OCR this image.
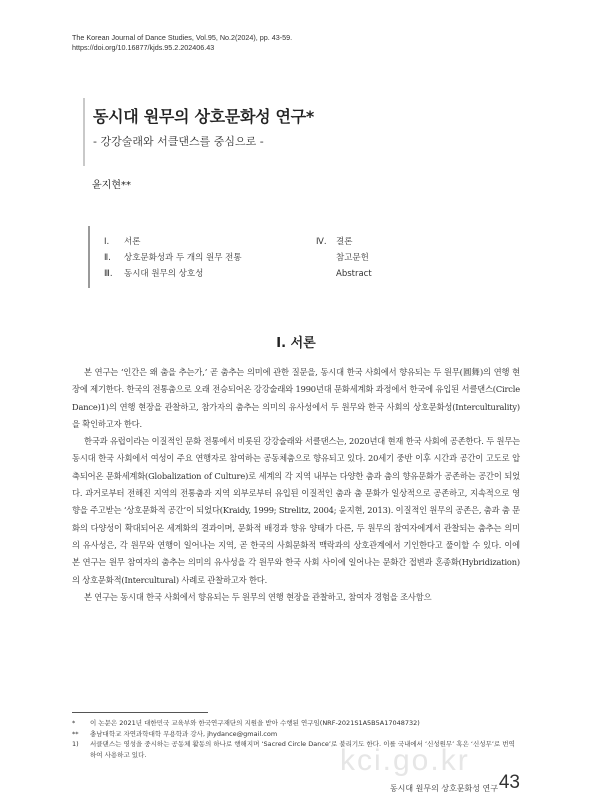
The Korean Journal of Dance Studies, Vol.95, No.2(2024), pp. 43-59.
https://doi.org/10.16877/kjds.95.2.202406.43
동시대 원무의 상호문화성 연구*
- 강강술래와 서클댄스를 중심으로 -
윤지현**
Ⅰ. 서론
Ⅱ. 상호문화성과 두 개의 원무 전통
Ⅲ. 동시대 원무의 상호성
Ⅳ. 결론
참고문헌
Abstract
I. 서론

본 연구는 ‘인간은 왜 춤을 추는가,’ 곧 춤추는 의미에 관한 질문을, 동시대 한국 사회에서 향유되는 두 원무(圓舞)의 연행 현장에 제기한다. 한국의 전통춤으로 오래 전승되어온 강강술래와 1990년대 문화세계화 과정에서 한국에 유입된 서클댄스(Circle Dance)1)의 연행 현장을 관찰하고, 참가자의 춤추는 의미의 유사성에서 두 원무와 한국 사회의 상호문화성(Interculturality)을 확인하고자 한다.

한국과 유럽이라는 이질적인 문화 전통에서 비롯된 강강술래와 서클댄스는, 2020년대 현재 한국 사회에 공존한다. 두 원무는 동시대 한국 사회에서 여성이 주요 연행자로 참여하는 공동체춤으로 향유되고 있다. 20세기 중반 이후 시간과 공간이 고도로 압축되어온 문화세계화(Globalization of Culture)로 세계의 각 지역 내부는 다양한 춤과 춤의 향유문화가 공존하는 공간이 되었다. 과거로부터 전해진 지역의 전통춤과 지역 외부로부터 유입된 이질적인 춤과 춤 문화가 일상적으로 공존하고, 지속적으로 영향을 주고받는 ‘상호문화적 공간’이 되었다(Kraidy, 1999; Strelitz, 2004; 윤지현, 2013). 이질적인 원무의 공존은, 춤과 춤 문화의 다양성이 확대되어온 세계화의 결과이며, 문화적 배경과 향유 양태가 다른, 두 원무의 참여자에게서 관찰되는 춤추는 의미의 유사성은, 각 원무와 연행이 일어나는 지역, 곧 한국의 사회문화적 맥락과의 상호관계에서 기인한다고 풀이할 수 있다. 이에 본 연구는 원무 참여자의 춤추는 의미의 유사성을 각 원무와 한국 사회 사이에 일어나는 문화간 접변과 혼종화(Hybridization)의 상호문화적(Intercultural) 사례로 관찰하고자 한다.

본 연구는 동시대 한국 사회에서 향유되는 두 원무의 연행 현장을 관찰하고, 참여자 경험을 조사함으

*	이 논문은 2021년 대한민국 교육부와 한국연구재단의 지원을 받아 수행된 연구임(NRF-2021S1A5B5A17048732)
**	충남대학교 자연과학대학 무용학과 강사, jhydance@gmail.com
1)	서클댄스는 영성을 중시하는 공동체 활동의 하나로 행해지며 ‘Sacred Circle Dance’로 불리기도 한다. 이를 국내에서 ‘신성원무’ 혹은 ‘신성무’로 번역하여 사용하고 있다.	kci.go.kr
동시대 원무의 상호문화성 연구 43
